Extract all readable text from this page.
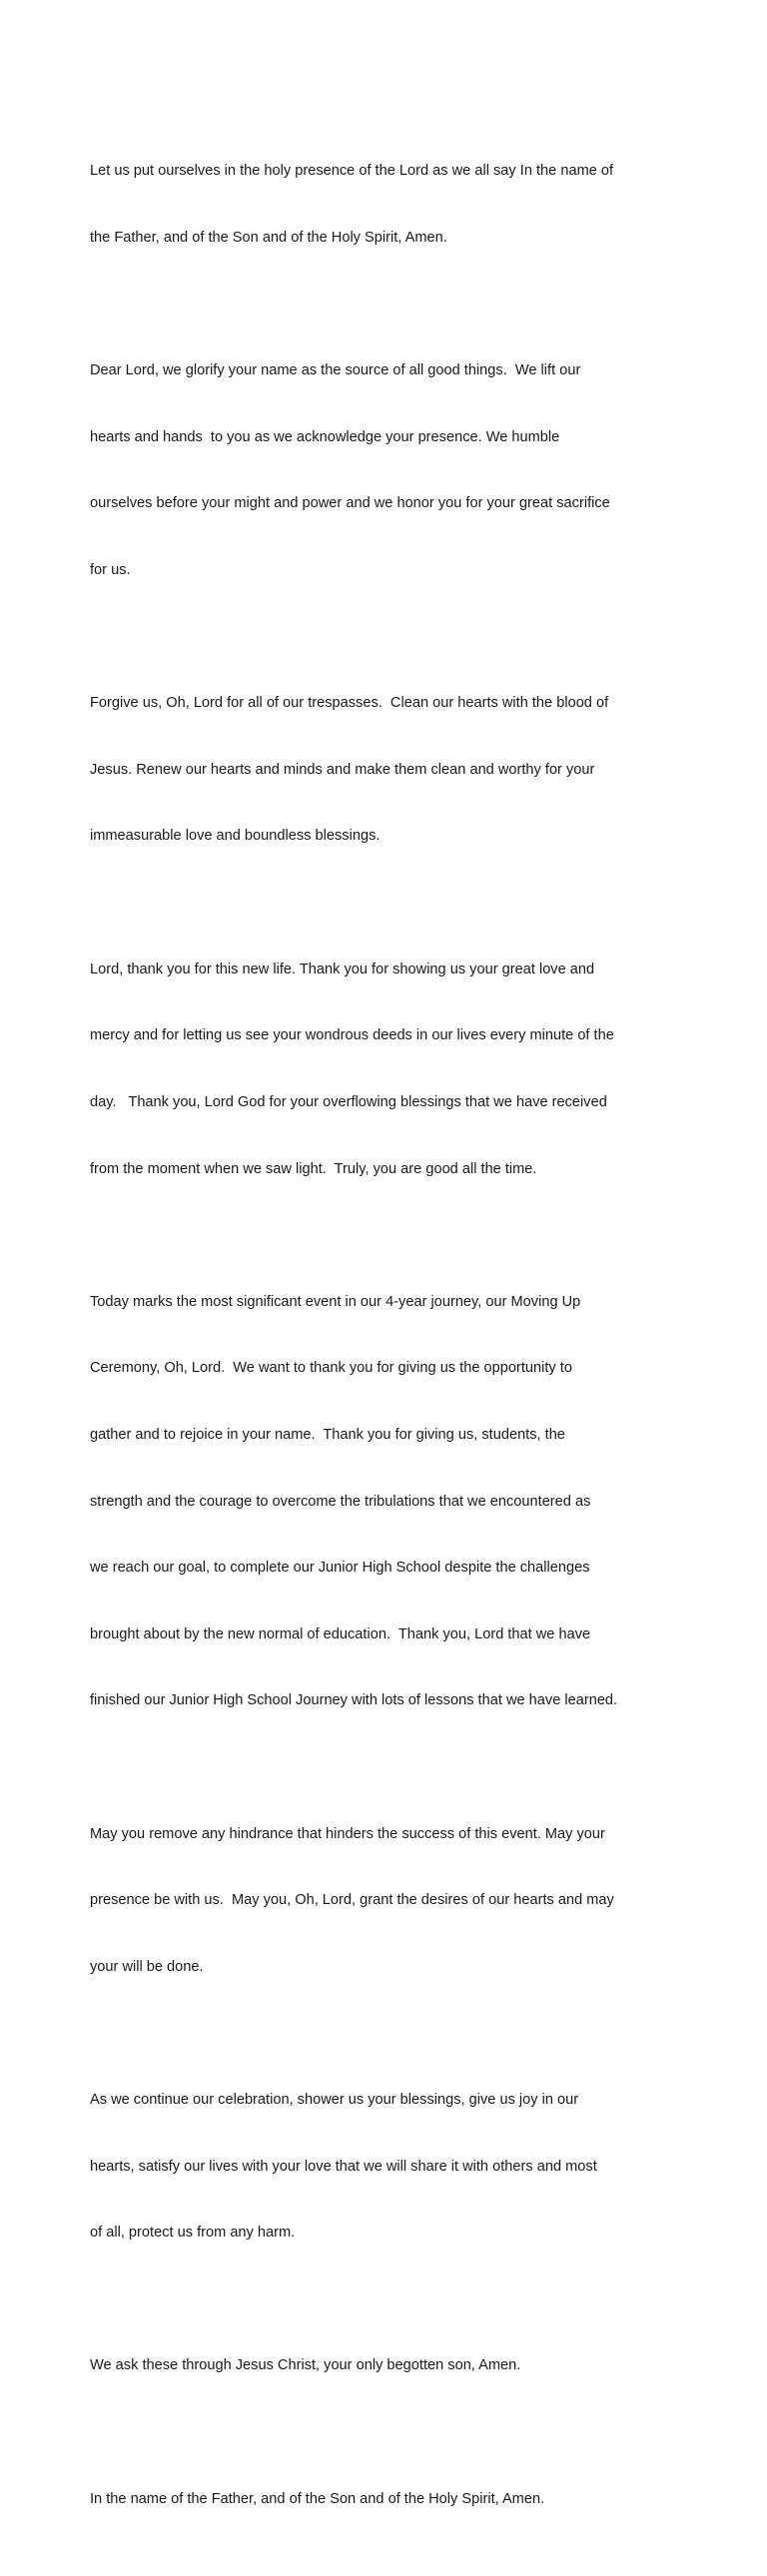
Let us put ourselves in the holy presence of the Lord as we all say In the name of

the Father, and of the Son and of the Holy Spirit, Amen.

Dear Lord, we glorify your name as the source of all good things.  We lift our

hearts and hands  to you as we acknowledge your presence. We humble

ourselves before your might and power and we honor you for your great sacrifice

for us.

Forgive us, Oh, Lord for all of our trespasses.  Clean our hearts with the blood of

Jesus. Renew our hearts and minds and make them clean and worthy for your

immeasurable love and boundless blessings.

Lord, thank you for this new life. Thank you for showing us your great love and

mercy and for letting us see your wondrous deeds in our lives every minute of the

day.   Thank you, Lord God for your overflowing blessings that we have received

from the moment when we saw light.  Truly, you are good all the time.

Today marks the most significant event in our 4-year journey, our Moving Up

Ceremony, Oh, Lord.  We want to thank you for giving us the opportunity to

gather and to rejoice in your name.  Thank you for giving us, students, the

strength and the courage to overcome the tribulations that we encountered as

we reach our goal, to complete our Junior High School despite the challenges

brought about by the new normal of education.  Thank you, Lord that we have

finished our Junior High School Journey with lots of lessons that we have learned.

May you remove any hindrance that hinders the success of this event. May your

presence be with us.  May you, Oh, Lord, grant the desires of our hearts and may

your will be done.

As we continue our celebration, shower us your blessings, give us joy in our

hearts, satisfy our lives with your love that we will share it with others and most

of all, protect us from any harm.

We ask these through Jesus Christ, your only begotten son, Amen.

In the name of the Father, and of the Son and of the Holy Spirit, Amen.
